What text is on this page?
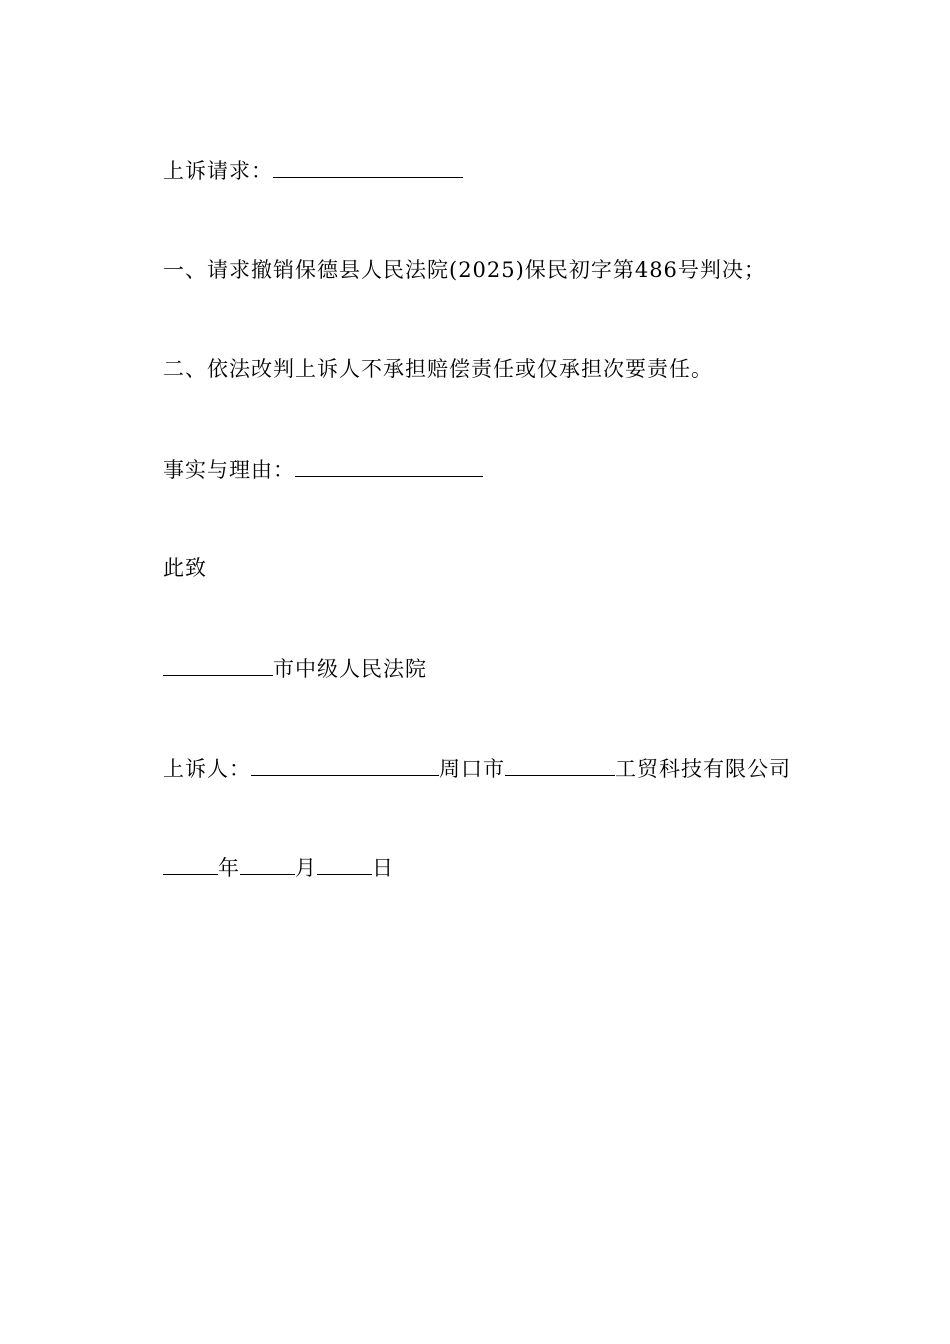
上诉请求：
一、请求撤销保德县人民法院(2025)保民初字第486号判决；
二、依法改判上诉人不承担赔偿责任或仅承担次要责任。
事实与理由：
此致
市中级人民法院
上诉人：	周口市	工贸科技有限公司
年	月	日
